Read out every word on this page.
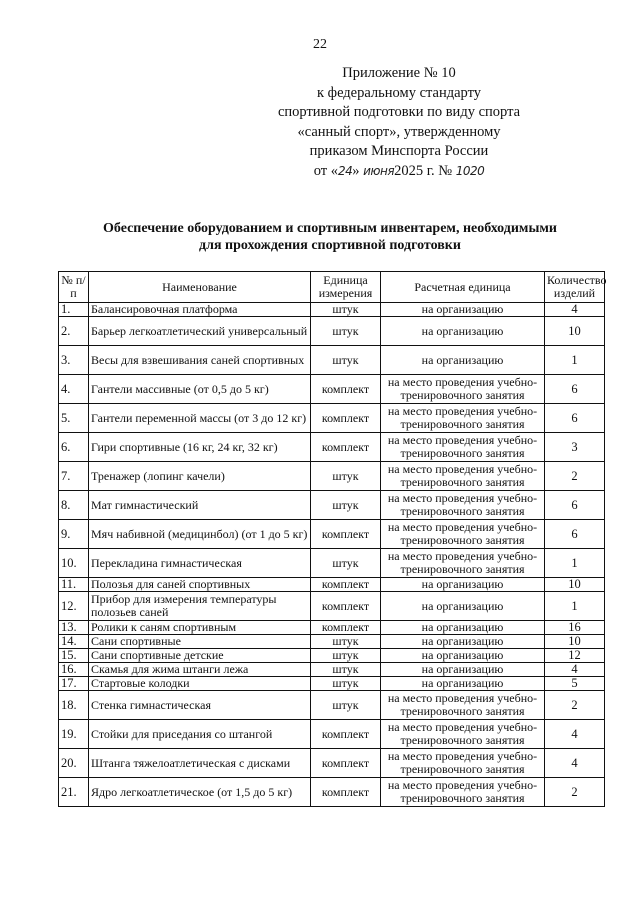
22
Приложение № 10
к федеральному стандарту
спортивной подготовки по виду спорта
«санный спорт», утвержденному
приказом Минспорта России
от «24» июня2025 г. № 1020
Обеспечение оборудованием и спортивным инвентарем, необходимыми
для прохождения спортивной подготовки
№ п/п	Наименование	Единица измерения	Расчетная единица	Количество изделий
1.	Балансировочная платформа	штук	на организацию	4
2.	Барьер легкоатлетический универсальный	штук	на организацию	10
3.	Весы для взвешивания саней спортивных	штук	на организацию	1
4.	Гантели массивные (от 0,5 до 5 кг)	комплект	на место проведения учебно-тренировочного занятия	6
5.	Гантели переменной массы (от 3 до 12 кг)	комплект	на место проведения учебно-тренировочного занятия	6
6.	Гири спортивные (16 кг, 24 кг, 32 кг)	комплект	на место проведения учебно-тренировочного занятия	3
7.	Тренажер (лопинг качели)	штук	на место проведения учебно-тренировочного занятия	2
8.	Мат гимнастический	штук	на место проведения учебно-тренировочного занятия	6
9.	Мяч набивной (медицинбол) (от 1 до 5 кг)	комплект	на место проведения учебно-тренировочного занятия	6
10.	Перекладина гимнастическая	штук	на место проведения учебно-тренировочного занятия	1
11.	Полозья для саней спортивных	комплект	на организацию	10
12.	Прибор для измерения температуры полозьев саней	комплект	на организацию	1
13.	Ролики к саням спортивным	комплект	на организацию	16
14.	Сани спортивные	штук	на организацию	10
15.	Сани спортивные детские	штук	на организацию	12
16.	Скамья для жима штанги лежа	штук	на организацию	4
17.	Стартовые колодки	штук	на организацию	5
18.	Стенка гимнастическая	штук	на место проведения учебно-тренировочного занятия	2
19.	Стойки для приседания со штангой	комплект	на место проведения учебно-тренировочного занятия	4
20.	Штанга тяжелоатлетическая с дисками	комплект	на место проведения учебно-тренировочного занятия	4
21.	Ядро легкоатлетическое (от 1,5 до 5 кг)	комплект	на место проведения учебно-тренировочного занятия	2
